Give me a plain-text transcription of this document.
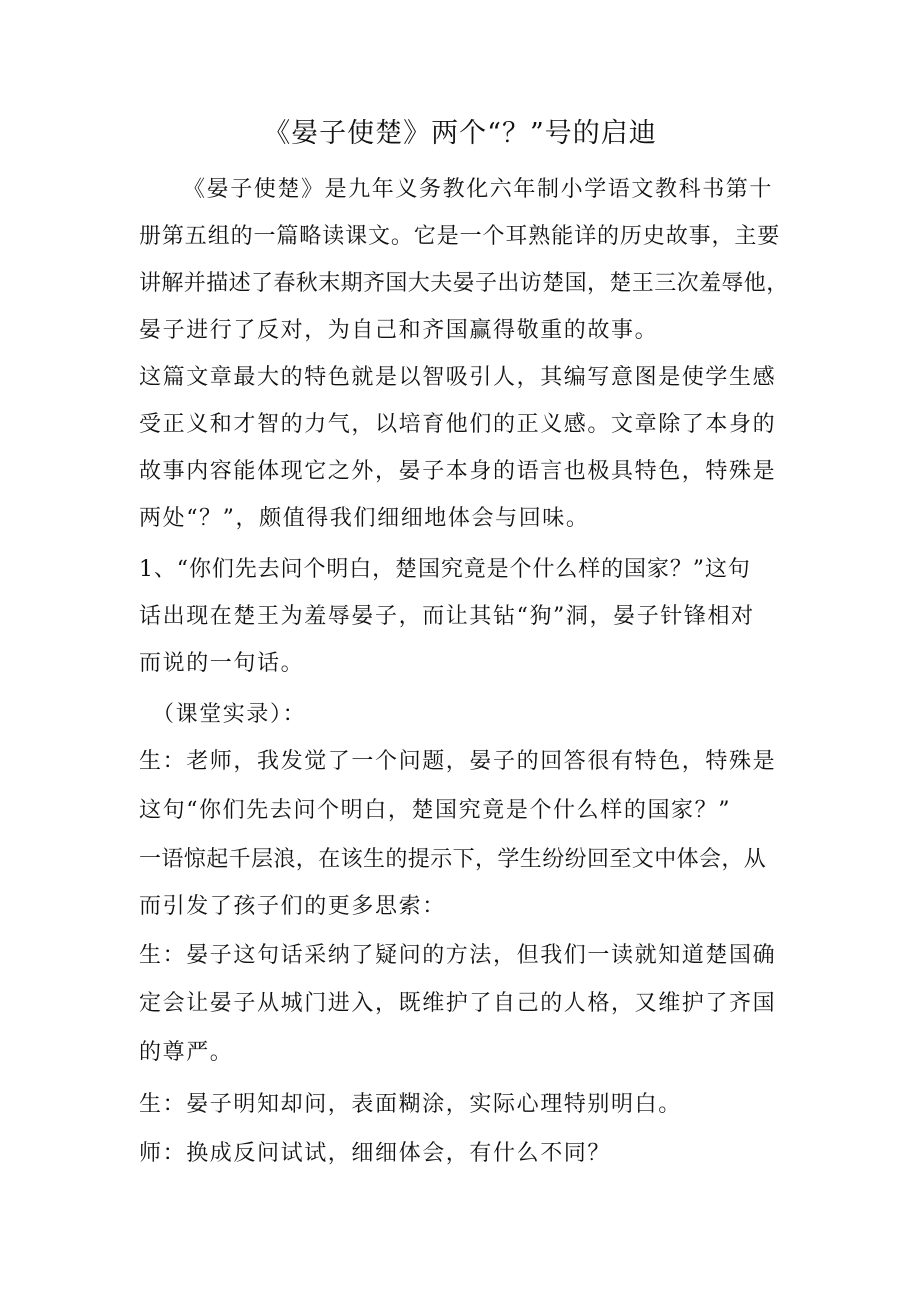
《晏子使楚》两个“？”号的启迪
《晏子使楚》是九年义务教化六年制小学语文教科书第十
册第五组的一篇略读课文。它是一个耳熟能详的历史故事，主要
讲解并描述了春秋末期齐国大夫晏子出访楚国，楚王三次羞辱他，
晏子进行了反对，为自己和齐国赢得敬重的故事。
这篇文章最大的特色就是以智吸引人，其编写意图是使学生感
受正义和才智的力气，以培育他们的正义感。文章除了本身的
故事内容能体现它之外，晏子本身的语言也极具特色，特殊是
两处“？”，颇值得我们细细地体会与回味。
1、“你们先去问个明白，楚国究竟是个什么样的国家？”这句
话出现在楚王为羞辱晏子，而让其钻“狗”洞，晏子针锋相对
而说的一句话。
（课堂实录）：
生：老师，我发觉了一个问题，晏子的回答很有特色，特殊是
这句“你们先去问个明白，楚国究竟是个什么样的国家？”
一语惊起千层浪，在该生的提示下，学生纷纷回至文中体会，从
而引发了孩子们的更多思索：
生：晏子这句话采纳了疑问的方法，但我们一读就知道楚国确
定会让晏子从城门进入，既维护了自己的人格，又维护了齐国
的尊严。
生：晏子明知却问，表面糊涂，实际心理特别明白。
师：换成反问试试，细细体会，有什么不同？
